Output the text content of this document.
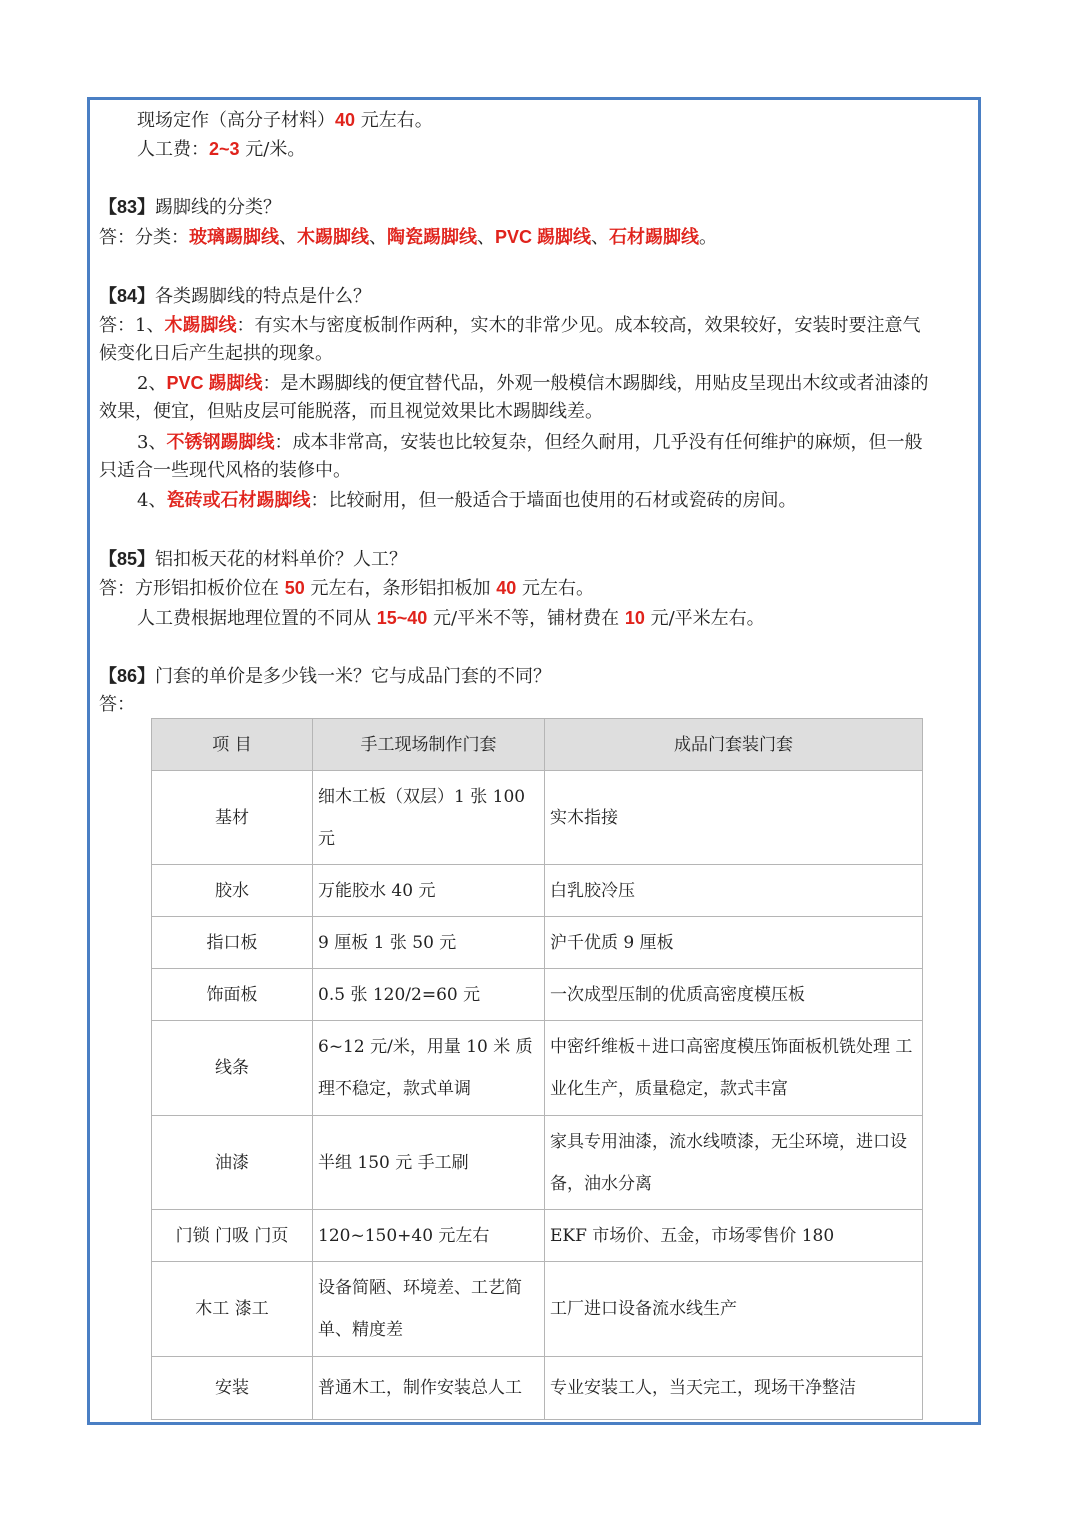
现场定作（高分子材料）40 元左右。
人工费：2~3 元/米。
【83】踢脚线的分类？
答：分类：玻璃踢脚线、木踢脚线、陶瓷踢脚线、PVC 踢脚线、石材踢脚线。
【84】各类踢脚线的特点是什么？
答：1、木踢脚线：有实木与密度板制作两种，实木的非常少见。成本较高，效果较好，安装时要注意气
候变化日后产生起拱的现象。
2、PVC 踢脚线：是木踢脚线的便宜替代品，外观一般模信木踢脚线，用贴皮呈现出木纹或者油漆的
效果，便宜，但贴皮层可能脱落，而且视觉效果比木踢脚线差。
3、不锈钢踢脚线：成本非常高，安装也比较复杂，但经久耐用，几乎没有任何维护的麻烦，但一般
只适合一些现代风格的装修中。
4、瓷砖或石材踢脚线：比较耐用，但一般适合于墙面也使用的石材或瓷砖的房间。
【85】铝扣板天花的材料单价？人工？
答：方形铝扣板价位在 50 元左右，条形铝扣板加 40 元左右。
人工费根据地理位置的不同从 15~40 元/平米不等，铺材费在 10 元/平米左右。
【86】门套的单价是多少钱一米？它与成品门套的不同？
答：
项 目	手工现场制作门套	成品门套装门套
基材	细木工板（双层）1 张 100 元	实木指接
胶水	万能胶水 40 元	白乳胶冷压
指口板	9 厘板 1 张 50 元	沪千优质 9 厘板
饰面板	0.5 张 120/2=60 元	一次成型压制的优质高密度模压板
线条	6~12 元/米，用量 10 米 质理不稳定，款式单调	中密纤维板＋进口高密度模压饰面板机铣处理 工业化生产，质量稳定，款式丰富
油漆	半组 150 元 手工刷	家具专用油漆，流水线喷漆，无尘环境，进口设备，油水分离
门锁 门吸 门页	120~150+40 元左右	EKF 市场价、五金，市场零售价 180
木工 漆工	设备简陋、环境差、工艺简单、精度差	工厂进口设备流水线生产
安装	普通木工，制作安装总人工	专业安装工人，当天完工，现场干净整洁
